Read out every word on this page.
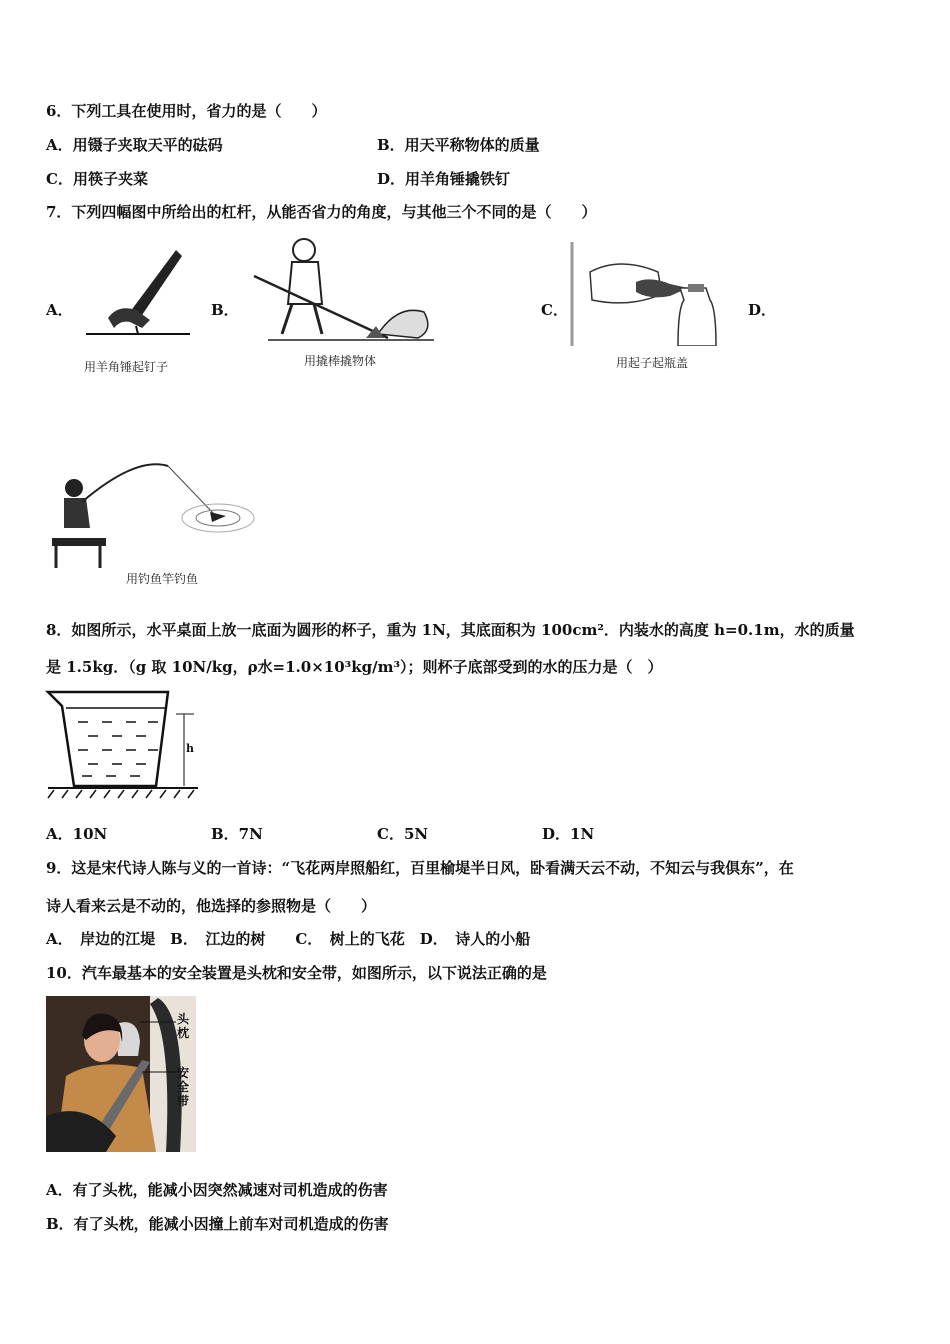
6．下列工具在使用时，省力的是（　　）
A．用镊子夹取天平的砝码	B．用天平称物体的质量
C．用筷子夹菜	D．用羊角锤撬铁钉
7．下列四幅图中所给出的杠杆，从能否省力的角度，与其他三个不同的是（　　）
A．
用羊角锤起钉子
B．
用撬棒撬物体
C．
用起子起瓶盖
D．
用钓鱼竿钓鱼
8．如图所示，水平桌面上放一底面为圆形的杯子，重为 1N，其底面积为 100cm²．内装水的高度 h=0.1m，水的质量
是 1.5kg．（g 取 10N/kg，ρ水=1.0×10³kg/m³）；则杯子底部受到的水的压力是（　）
h
A．10N	B．7N	C．5N	D．1N
9．这是宋代诗人陈与义的一首诗：“飞花两岸照船红，百里榆堤半日风，卧看满天云不动，不知云与我俱东”，在
诗人看来云是不动的，他选择的参照物是（　　）
A．　岸边的江堤　B．　江边的树　　C．　树上的飞花　D．　诗人的小船
10．汽车最基本的安全装置是头枕和安全带，如图所示，以下说法正确的是
头枕
安全带
A．有了头枕，能减小因突然减速对司机造成的伤害
B．有了头枕，能减小因撞上前车对司机造成的伤害
